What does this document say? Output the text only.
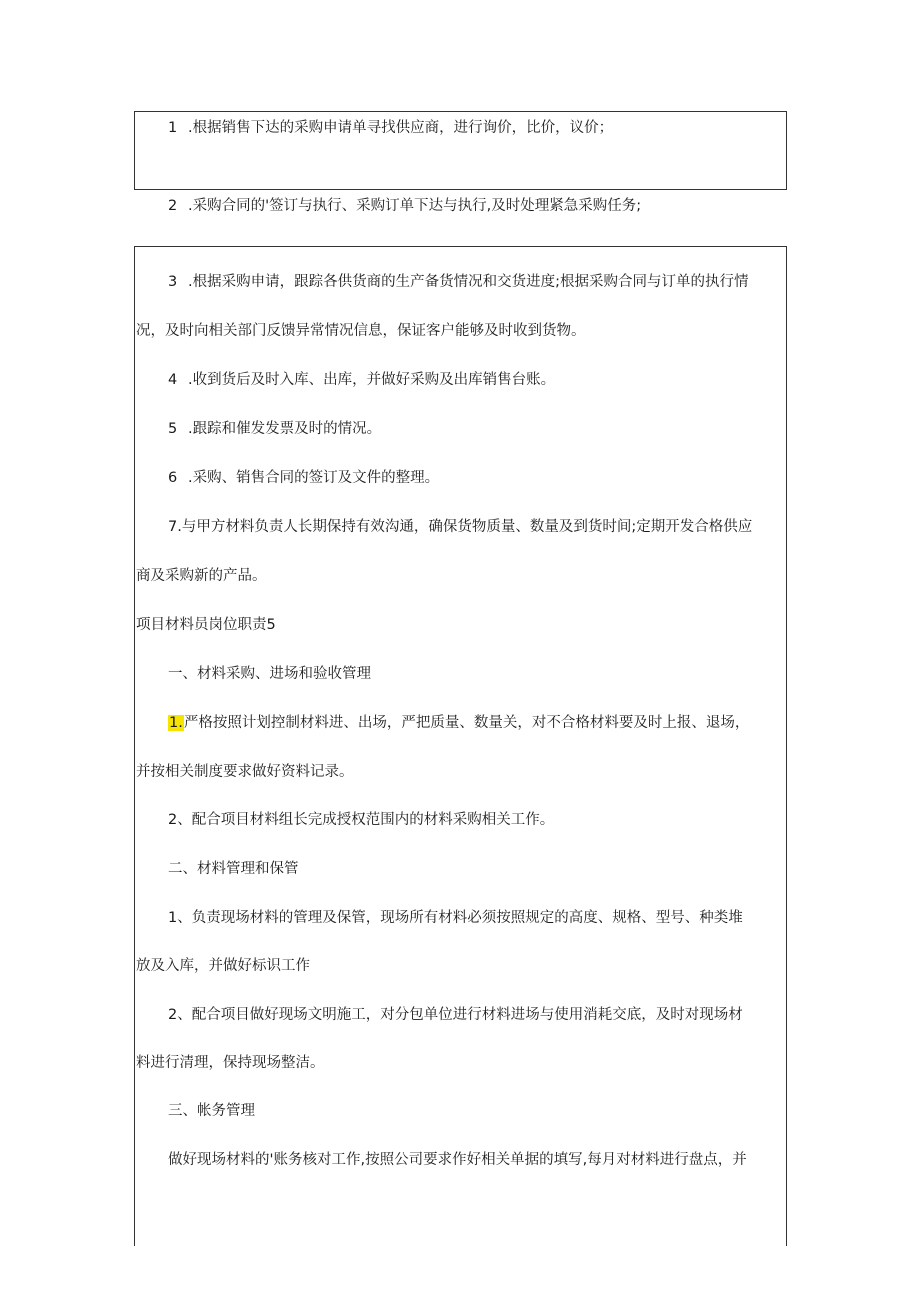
1 .根据销售下达的采购申请单寻找供应商，进行询价，比价，议价；
2 .采购合同的'签订与执行、采购订单下达与执行,及时处理紧急采购任务;
3 .根据采购申请，跟踪各供货商的生产备货情况和交货进度;根据采购合同与订单的执行情
况，及时向相关部门反馈异常情况信息，保证客户能够及时收到货物。
4 .收到货后及时入库、出库，并做好采购及出库销售台账。
5 .跟踪和催发发票及时的情况。
6 .采购、销售合同的签订及文件的整理。
7.与甲方材料负责人长期保持有效沟通，确保货物质量、数量及到货时间;定期开发合格供应
商及采购新的产品。
项目材料员岗位职责5
一、材料采购、进场和验收管理
1.严格按照计划控制材料进、出场，严把质量、数量关，对不合格材料要及时上报、退场，
并按相关制度要求做好资料记录。
2、配合项目材料组长完成授权范围内的材料采购相关工作。
二、材料管理和保管
1、负责现场材料的管理及保管，现场所有材料必须按照规定的高度、规格、型号、种类堆
放及入库，并做好标识工作
2、配合项目做好现场文明施工，对分包单位进行材料进场与使用消耗交底，及时对现场材
料进行清理，保持现场整洁。
三、帐务管理
做好现场材料的'账务核对工作,按照公司要求作好相关单据的填写,每月对材料进行盘点，并
